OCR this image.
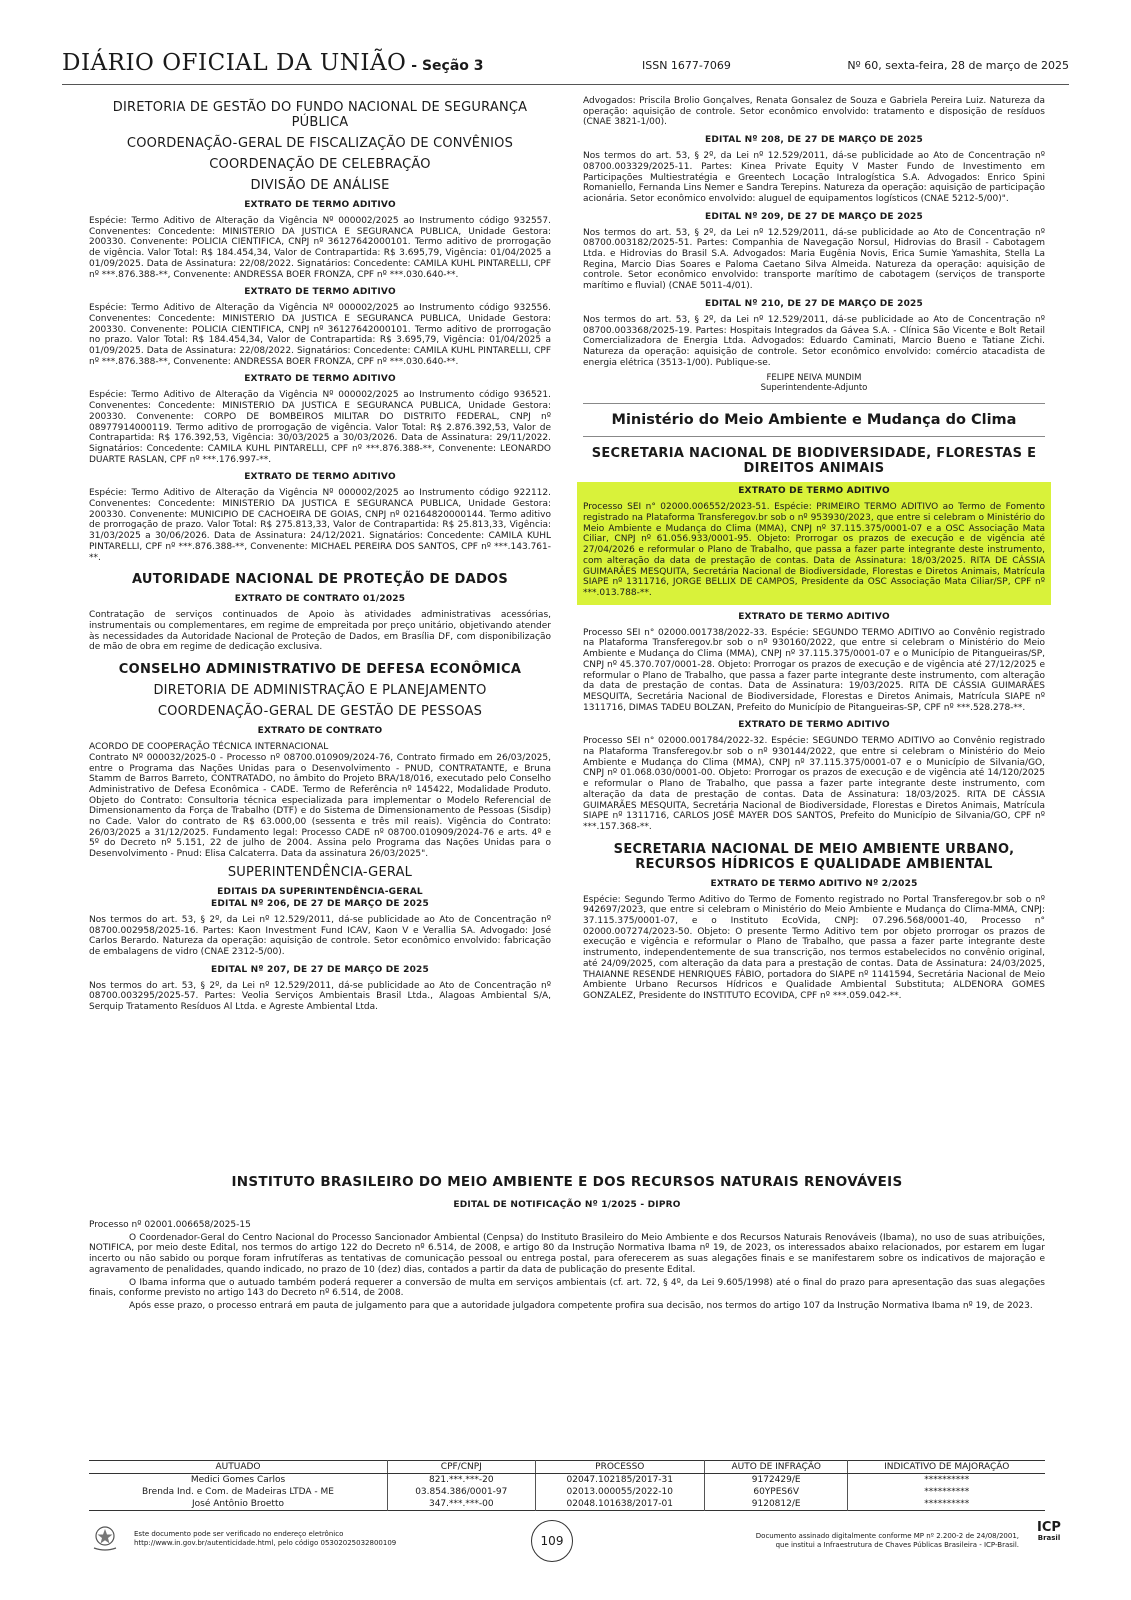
DIÁRIO OFICIAL DA UNIÃO - Seção 3	ISSN 1677-7069	Nº 60, sexta-feira, 28 de março de 2025
DIRETORIA DE GESTÃO DO FUNDO NACIONAL DE SEGURANÇA PÚBLICA
COORDENAÇÃO-GERAL DE FISCALIZAÇÃO DE CONVÊNIOS
COORDENAÇÃO DE CELEBRAÇÃO
DIVISÃO DE ANÁLISE
EXTRATO DE TERMO ADITIVO

Espécie: Termo Aditivo de Alteração da Vigência Nº 000002/2025 ao Instrumento código 932557. Convenentes: Concedente: MINISTERIO DA JUSTICA E SEGURANCA PUBLICA, Unidade Gestora: 200330. Convenente: POLICIA CIENTIFICA, CNPJ nº 36127642000101. Termo aditivo de prorrogação de vigência. Valor Total: R$ 184.454,34, Valor de Contrapartida: R$ 3.695,79, Vigência: 01/04/2025 a 01/09/2025. Data de Assinatura: 22/08/2022. Signatários: Concedente: CAMILA KUHL PINTARELLI, CPF nº ***.876.388-**, Convenente: ANDRESSA BOER FRONZA, CPF nº ***.030.640-**.

EXTRATO DE TERMO ADITIVO

Espécie: Termo Aditivo de Alteração da Vigência Nº 000002/2025 ao Instrumento código 932556. Convenentes: Concedente: MINISTERIO DA JUSTICA E SEGURANCA PUBLICA, Unidade Gestora: 200330. Convenente: POLICIA CIENTIFICA, CNPJ nº 36127642000101. Termo aditivo de prorrogação no prazo. Valor Total: R$ 184.454,34, Valor de Contrapartida: R$ 3.695,79, Vigência: 01/04/2025 a 01/09/2025. Data de Assinatura: 22/08/2022. Signatários: Concedente: CAMILA KUHL PINTARELLI, CPF nº ***.876.388-**, Convenente: ANDRESSA BOER FRONZA, CPF nº ***.030.640-**.

EXTRATO DE TERMO ADITIVO

Espécie: Termo Aditivo de Alteração da Vigência Nº 000002/2025 ao Instrumento código 936521. Convenentes: Concedente: MINISTERIO DA JUSTICA E SEGURANCA PUBLICA, Unidade Gestora: 200330. Convenente: CORPO DE BOMBEIROS MILITAR DO DISTRITO FEDERAL, CNPJ nº 08977914000119. Termo aditivo de prorrogação de vigência. Valor Total: R$ 2.876.392,53, Valor de Contrapartida: R$ 176.392,53, Vigência: 30/03/2025 a 30/03/2026. Data de Assinatura: 29/11/2022. Signatários: Concedente: CAMILA KUHL PINTARELLI, CPF nº ***.876.388-**, Convenente: LEONARDO DUARTE RASLAN, CPF nº ***.176.997-**.

EXTRATO DE TERMO ADITIVO

Espécie: Termo Aditivo de Alteração da Vigência Nº 000002/2025 ao Instrumento código 922112. Convenentes: Concedente: MINISTERIO DA JUSTICA E SEGURANCA PUBLICA, Unidade Gestora: 200330. Convenente: MUNICIPIO DE CACHOEIRA DE GOIAS, CNPJ nº 02164820000144. Termo aditivo de prorrogação de prazo. Valor Total: R$ 275.813,33, Valor de Contrapartida: R$ 25.813,33, Vigência: 31/03/2025 a 30/06/2026. Data de Assinatura: 24/12/2021. Signatários: Concedente: CAMILA KUHL PINTARELLI, CPF nº ***.876.388-**, Convenente: MICHAEL PEREIRA DOS SANTOS, CPF nº ***.143.761-**.

AUTORIDADE NACIONAL DE PROTEÇÃO DE DADOS
EXTRATO DE CONTRATO 01/2025

Contratação de serviços continuados de Apoio às atividades administrativas acessórias, instrumentais ou complementares, em regime de empreitada por preço unitário, objetivando atender às necessidades da Autoridade Nacional de Proteção de Dados, em Brasília DF, com disponibilização de mão de obra em regime de dedicação exclusiva.

CONSELHO ADMINISTRATIVO DE DEFESA ECONÔMICA
DIRETORIA DE ADMINISTRAÇÃO E PLANEJAMENTO
COORDENAÇÃO-GERAL DE GESTÃO DE PESSOAS
EXTRATO DE CONTRATO

ACORDO DE COOPERAÇÃO TÉCNICA INTERNACIONAL

Contrato Nº 000032/2025-0 - Processo nº 08700.010909/2024-76, Contrato firmado em 26/03/2025, entre o Programa das Nações Unidas para o Desenvolvimento - PNUD, CONTRATANTE, e Bruna Stamm de Barros Barreto, CONTRATADO, no âmbito do Projeto BRA/18/016, executado pelo Conselho Administrativo de Defesa Econômica - CADE. Termo de Referência nº 145422, Modalidade Produto. Objeto do Contrato: Consultoria técnica especializada para implementar o Modelo Referencial de Dimensionamento da Força de Trabalho (DTF) e do Sistema de Dimensionamento de Pessoas (Sisdip) no Cade. Valor do contrato de R$ 63.000,00 (sessenta e três mil reais). Vigência do Contrato: 26/03/2025 a 31/12/2025. Fundamento legal: Processo CADE nº 08700.010909/2024-76 e arts. 4º e 5º do Decreto nº 5.151, 22 de julho de 2004. Assina pelo Programa das Nações Unidas para o Desenvolvimento - Pnud: Elisa Calcaterra. Data da assinatura 26/03/2025".

SUPERINTENDÊNCIA-GERAL
EDITAIS DA SUPERINTENDÊNCIA-GERAL
EDITAL Nº 206, DE 27 DE MARÇO DE 2025

Nos termos do art. 53, § 2º, da Lei nº 12.529/2011, dá-se publicidade ao Ato de Concentração nº 08700.002958/2025-16. Partes: Kaon Investment Fund ICAV, Kaon V e Verallia SA. Advogado: José Carlos Berardo. Natureza da operação: aquisição de controle. Setor econômico envolvido: fabricação de embalagens de vidro (CNAE 2312-5/00).

EDITAL Nº 207, DE 27 DE MARÇO DE 2025

Nos termos do art. 53, § 2º, da Lei nº 12.529/2011, dá-se publicidade ao Ato de Concentração nº 08700.003295/2025-57. Partes: Veolia Serviços Ambientais Brasil Ltda., Alagoas Ambiental S/A, Serquip Tratamento Resíduos Al Ltda. e Agreste Ambiental Ltda.

Advogados: Priscila Brolio Gonçalves, Renata Gonsalez de Souza e Gabriela Pereira Luiz. Natureza da operação: aquisição de controle. Setor econômico envolvido: tratamento e disposição de resíduos (CNAE 3821-1/00).

EDITAL Nº 208, DE 27 DE MARÇO DE 2025

Nos termos do art. 53, § 2º, da Lei nº 12.529/2011, dá-se publicidade ao Ato de Concentração nº 08700.003329/2025-11. Partes: Kinea Private Equity V Master Fundo de Investimento em Participações Multiestratégia e Greentech Locação Intralogística S.A. Advogados: Enrico Spini Romaniello, Fernanda Lins Nemer e Sandra Terepins. Natureza da operação: aquisição de participação acionária. Setor econômico envolvido: aluguel de equipamentos logísticos (CNAE 5212-5/00)".

EDITAL Nº 209, DE 27 DE MARÇO DE 2025

Nos termos do art. 53, § 2º, da Lei nº 12.529/2011, dá-se publicidade ao Ato de Concentração nº 08700.003182/2025-51. Partes: Companhia de Navegação Norsul, Hidrovias do Brasil - Cabotagem Ltda. e Hidrovias do Brasil S.A. Advogados: Maria Eugênia Novis, Erica Sumie Yamashita, Stella La Regina, Marcio Dias Soares e Paloma Caetano Silva Almeida. Natureza da operação: aquisição de controle. Setor econômico envolvido: transporte marítimo de cabotagem (serviços de transporte marítimo e fluvial) (CNAE 5011-4/01).

EDITAL Nº 210, DE 27 DE MARÇO DE 2025

Nos termos do art. 53, § 2º, da Lei nº 12.529/2011, dá-se publicidade ao Ato de Concentração nº 08700.003368/2025-19. Partes: Hospitais Integrados da Gávea S.A. - Clínica São Vicente e Bolt Retail Comercializadora de Energia Ltda. Advogados: Eduardo Caminati, Marcio Bueno e Tatiane Zichi. Natureza da operação: aquisição de controle. Setor econômico envolvido: comércio atacadista de energia elétrica (3513-1/00). Publique-se.

FELIPE NEIVA MUNDIM
Superintendente-Adjunto
Ministério do Meio Ambiente e Mudança do Clima
SECRETARIA NACIONAL DE BIODIVERSIDADE, FLORESTAS E DIREITOS ANIMAIS
EXTRATO DE TERMO ADITIVO

Processo SEI n° 02000.006552/2023-51. Espécie: PRIMEIRO TERMO ADITIVO ao Termo de Fomento registrado na Plataforma Transferegov.br sob o nº 953930/2023, que entre si celebram o Ministério do Meio Ambiente e Mudança do Clima (MMA), CNPJ nº 37.115.375/0001-07 e a OSC Associação Mata Ciliar, CNPJ nº 61.056.933/0001-95. Objeto: Prorrogar os prazos de execução e de vigência até 27/04/2026 e reformular o Plano de Trabalho, que passa a fazer parte integrante deste instrumento, com alteração da data de prestação de contas. Data de Assinatura: 18/03/2025. RITA DE CÁSSIA GUIMARÃES MESQUITA, Secretária Nacional de Biodiversidade, Florestas e Diretos Animais, Matrícula SIAPE nº 1311716, JORGE BELLIX DE CAMPOS, Presidente da OSC Associação Mata Ciliar/SP, CPF nº ***.013.788-**.

EXTRATO DE TERMO ADITIVO

Processo SEI n° 02000.001738/2022-33. Espécie: SEGUNDO TERMO ADITIVO ao Convênio registrado na Plataforma Transferegov.br sob o nº 930160/2022, que entre si celebram o Ministério do Meio Ambiente e Mudança do Clima (MMA), CNPJ nº 37.115.375/0001-07 e o Município de Pitangueiras/SP, CNPJ nº 45.370.707/0001-28. Objeto: Prorrogar os prazos de execução e de vigência até 27/12/2025 e reformular o Plano de Trabalho, que passa a fazer parte integrante deste instrumento, com alteração da data de prestação de contas. Data de Assinatura: 19/03/2025. RITA DE CÁSSIA GUIMARÃES MESQUITA, Secretária Nacional de Biodiversidade, Florestas e Diretos Animais, Matrícula SIAPE nº 1311716, DIMAS TADEU BOLZAN, Prefeito do Município de Pitangueiras-SP, CPF nº ***.528.278-**.

EXTRATO DE TERMO ADITIVO

Processo SEI n° 02000.001784/2022-32. Espécie: SEGUNDO TERMO ADITIVO ao Convênio registrado na Plataforma Transferegov.br sob o nº 930144/2022, que entre si celebram o Ministério do Meio Ambiente e Mudança do Clima (MMA), CNPJ nº 37.115.375/0001-07 e o Município de Silvania/GO, CNPJ nº 01.068.030/0001-00. Objeto: Prorrogar os prazos de execução e de vigência até 14/120/2025 e reformular o Plano de Trabalho, que passa a fazer parte integrante deste instrumento, com alteração da data de prestação de contas. Data de Assinatura: 18/03/2025. RITA DE CÁSSIA GUIMARÃES MESQUITA, Secretária Nacional de Biodiversidade, Florestas e Diretos Animais, Matrícula SIAPE nº 1311716, CARLOS JOSÉ MAYER DOS SANTOS, Prefeito do Município de Silvania/GO, CPF nº ***.157.368-**.

SECRETARIA NACIONAL DE MEIO AMBIENTE URBANO, RECURSOS HÍDRICOS E QUALIDADE AMBIENTAL
EXTRATO DE TERMO ADITIVO Nº 2/2025

Espécie: Segundo Termo Aditivo do Termo de Fomento registrado no Portal Transferegov.br sob o nº 942697/2023, que entre si celebram o Ministério do Meio Ambiente e Mudança do Clima-MMA, CNPJ: 37.115.375/0001-07, e o Instituto EcoVida, CNPJ: 07.296.568/0001-40, Processo n° 02000.007274/2023-50. Objeto: O presente Termo Aditivo tem por objeto prorrogar os prazos de execução e vigência e reformular o Plano de Trabalho, que passa a fazer parte integrante deste instrumento, independentemente de sua transcrição, nos termos estabelecidos no convênio original, até 24/09/2025, com alteração da data para a prestação de contas. Data de Assinatura: 24/03/2025, THAIANNE RESENDE HENRIQUES FÁBIO, portadora do SIAPE nº 1141594, Secretária Nacional de Meio Ambiente Urbano Recursos Hídricos e Qualidade Ambiental Substituta; ALDENORA GOMES GONZALEZ, Presidente do INSTITUTO ECOVIDA, CPF nº ***.059.042-**.

INSTITUTO BRASILEIRO DO MEIO AMBIENTE E DOS RECURSOS NATURAIS RENOVÁVEIS
EDITAL DE NOTIFICAÇÃO Nº 1/2025 - DIPRO

Processo nº 02001.006658/2025-15

O Coordenador-Geral do Centro Nacional do Processo Sancionador Ambiental (Cenpsa) do Instituto Brasileiro do Meio Ambiente e dos Recursos Naturais Renováveis (Ibama), no uso de suas atribuições, NOTIFICA, por meio deste Edital, nos termos do artigo 122 do Decreto nº 6.514, de 2008, e artigo 80 da Instrução Normativa Ibama nº 19, de 2023, os interessados abaixo relacionados, por estarem em lugar incerto ou não sabido ou porque foram infrutíferas as tentativas de comunicação pessoal ou entrega postal, para oferecerem as suas alegações finais e se manifestarem sobre os indicativos de majoração e agravamento de penalidades, quando indicado, no prazo de 10 (dez) dias, contados a partir da data de publicação do presente Edital.

O Ibama informa que o autuado também poderá requerer a conversão de multa em serviços ambientais (cf. art. 72, § 4º, da Lei 9.605/1998) até o final do prazo para apresentação das suas alegações finais, conforme previsto no artigo 143 do Decreto nº 6.514, de 2008.

Após esse prazo, o processo entrará em pauta de julgamento para que a autoridade julgadora competente profira sua decisão, nos termos do artigo 107 da Instrução Normativa Ibama nº 19, de 2023.

AUTUADO	CPF/CNPJ	PROCESSO	AUTO DE INFRAÇÃO	INDICATIVO DE MAJORAÇÃO
Medici Gomes Carlos	821.***.***-20	02047.102185/2017-31	9172429/E	**********
Brenda Ind. e Com. de Madeiras LTDA - ME	03.854.386/0001-97	02013.000055/2022-10	60YPES6V	**********
José Antônio Broetto	347.***.***-00	02048.101638/2017-01	9120812/E	**********
Este documento pode ser verificado no endereço eletrônico
http://www.in.gov.br/autenticidade.html, pelo código 05302025032800109	109	Documento assinado digitalmente conforme MP nº 2.200-2 de 24/08/2001,
que institui a Infraestrutura de Chaves Públicas Brasileira - ICP-Brasil.
ICP
Brasil
